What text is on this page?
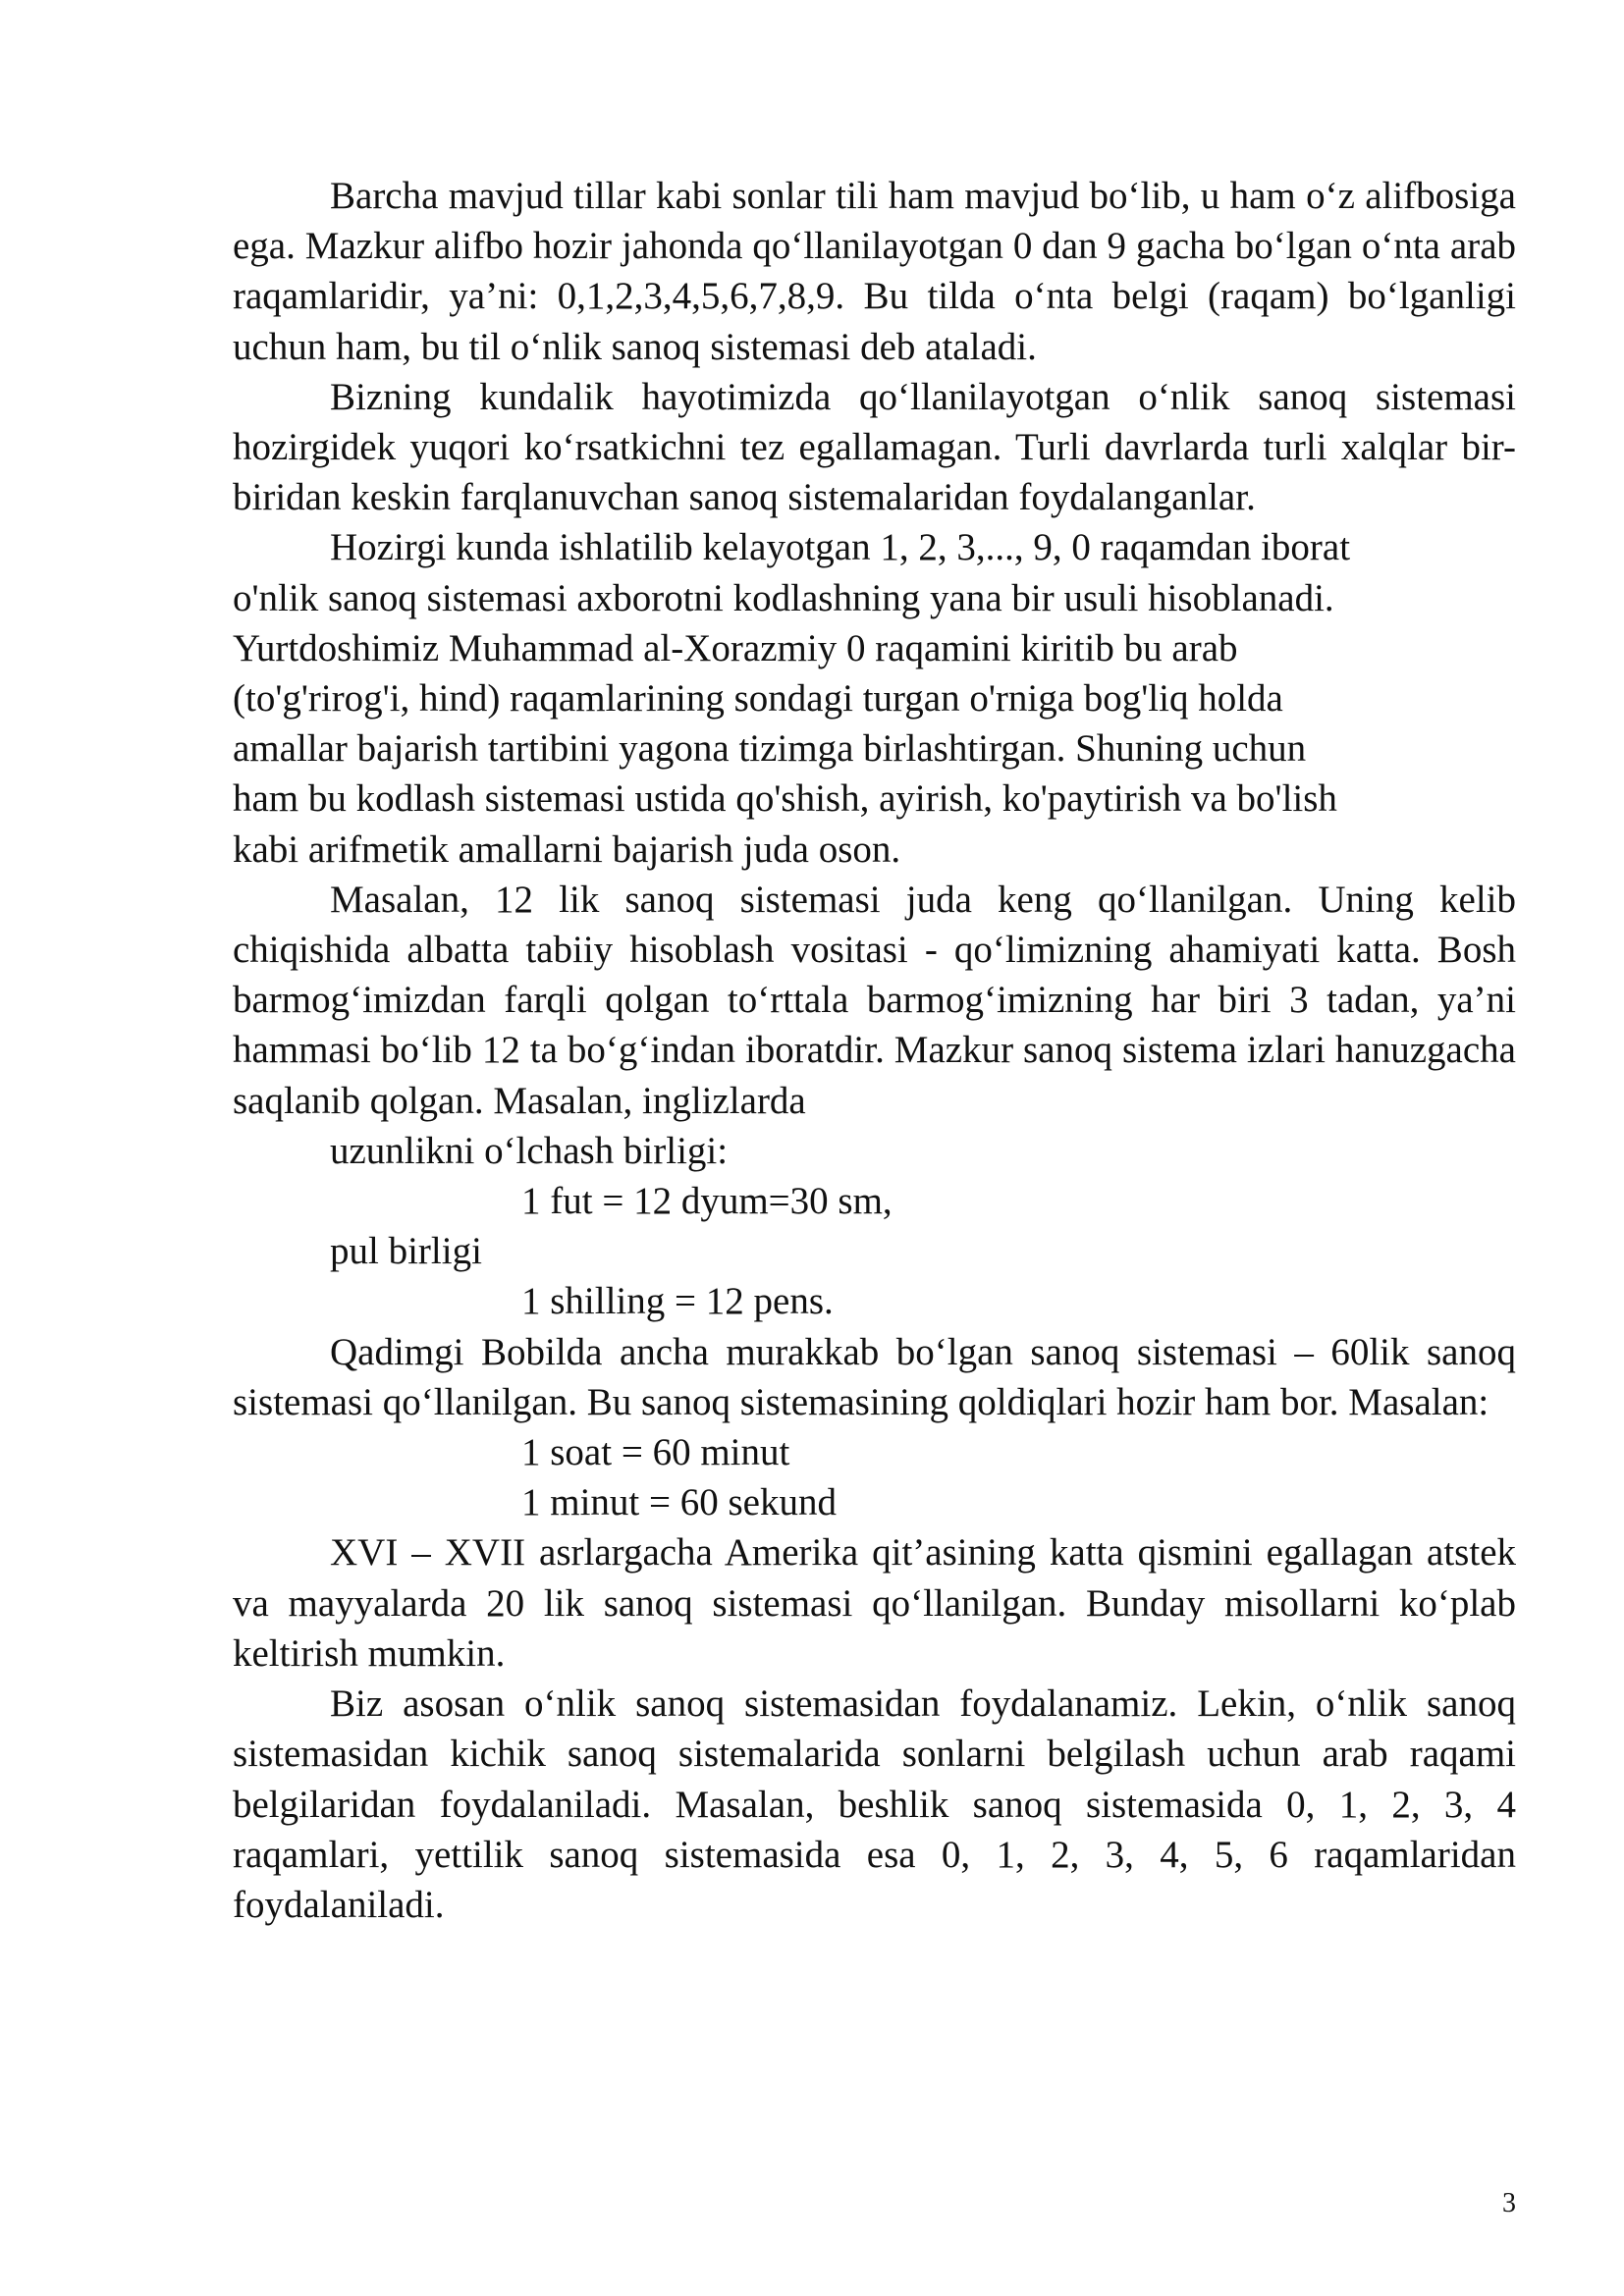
Barcha mavjud tillar kabi sonlar tili ham mavjud bo‘lib, u ham o‘z alifbosiga ega. Mazkur alifbo hozir jahonda qo‘llanilayotgan 0 dan 9 gacha bo‘lgan o‘nta arab raqamlaridir, ya’ni: 0,1,2,3,4,5,6,7,8,9. Bu tilda o‘nta belgi (raqam) bo‘lganligi uchun ham, bu til o‘nlik sanoq sistemasi deb ataladi.

Bizning kundalik hayotimizda qo‘llanilayotgan o‘nlik sanoq sistemasi hozirgidek yuqori ko‘rsatkichni tez egallamagan. Turli davrlarda turli xalqlar bir-biridan keskin farqlanuvchan sanoq sistemalaridan foydalanganlar.

Hozirgi kunda ishlatilib kelayotgan 1, 2, 3,..., 9, 0 raqamdan iborat
o'nlik sanoq sistemasi axborotni kodlashning yana bir usuli hisoblanadi.
Yurtdoshimiz Muhammad al-Xorazmiy 0 raqamini kiritib bu arab
(to'g'rirog'i, hind) raqamlarining sondagi turgan o'rniga bog'liq holda
amallar bajarish tartibini yagona tizimga birlashtirgan. Shuning uchun
ham bu kodlash sistemasi ustida qo'shish, ayirish, ko'paytirish va bo'lish
kabi arifmetik amallarni bajarish juda oson.

Masalan, 12 lik sanoq sistemasi juda keng qo‘llanilgan. Uning kelib chiqishida albatta tabiiy hisoblash vositasi - qo‘limizning ahamiyati katta. Bosh barmog‘imizdan farqli qolgan to‘rttala barmog‘imizning har biri 3 tadan, ya’ni hammasi bo‘lib 12 ta bo‘g‘indan iboratdir. Mazkur sanoq sistema izlari hanuzgacha saqlanib qolgan. Masalan, inglizlarda

uzunlikni o‘lchash birligi:

1 fut = 12 dyum=30 sm,

pul birligi

1 shilling = 12 pens.

Qadimgi Bobilda ancha murakkab bo‘lgan sanoq sistemasi – 60lik sanoq sistemasi qo‘llanilgan. Bu sanoq sistemasining qoldiqlari hozir ham bor. Masalan:

1 soat = 60 minut

1 minut = 60 sekund

XVI – XVII asrlargacha Amerika qit’asining katta qismini egallagan atstek va mayyalarda 20 lik sanoq sistemasi qo‘llanilgan. Bunday misollarni ko‘plab keltirish mumkin.

Biz asosan o‘nlik sanoq sistemasidan foydalanamiz. Lekin, o‘nlik sanoq sistemasidan kichik sanoq sistemalarida sonlarni belgilash uchun arab raqami belgilaridan foydalaniladi. Masalan, beshlik sanoq sistemasida 0, 1, 2, 3, 4 raqamlari, yettilik sanoq sistemasida esa 0, 1, 2, 3, 4, 5, 6 raqamlaridan foydalaniladi.

3
